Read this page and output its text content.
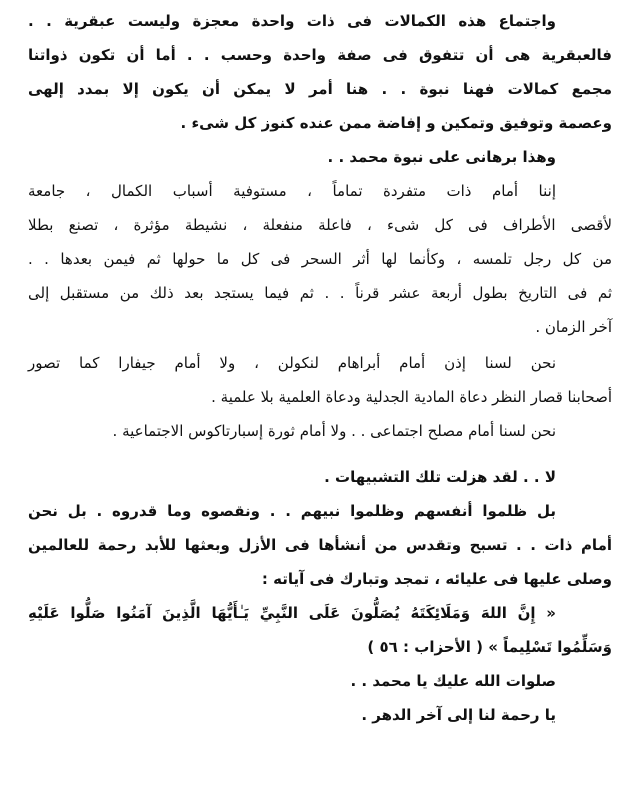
واجتماع هذه الكمالات فى ذات واحدة معجزة وليست عبقرية . .
فالعبقرية هى أن تتفوق فى صفة واحدة وحسب . . أما أن تكون ذواتنا
مجمع كمالات فهنا نبوة . . هنا أمر لا يمكن أن يكون إلا بمدد إلهى
وعصمة وتوفيق وتمكين و إفاضة ممن عنده كنوز كل شىء .
وهذا برهانى على نبوة محمد . .
إننا أمام ذات متفردة تماماً ، مستوفية أسباب الكمال ، جامعة
لأقصى الأطراف فى كل شىء ، فاعلة منفعلة ، نشيطة مؤثرة ، تصنع بطلا
من كل رجل تلمسه ، وكأنما لها أثر السحر فى كل ما حولها ثم فيمن بعدها . .
ثم فى التاريخ بطول أربعة عشر قرناً . . ثم فيما يستجد بعد ذلك من مستقبل إلى
آخر الزمان .
نحن لسنا إذن أمام أبراهام لنكولن ، ولا أمام جيفارا كما تصور
أصحابنا قصار النظر دعاة المادية الجدلية ودعاة العلمية بلا علمية .
نحن لسنا أمام مصلح اجتماعى . . ولا أمام ثورة إسبارتاكوس الاجتماعية .
لا . . لقد هزلت تلك التشبيهات .
بل ظلموا أنفسهم وظلموا نبيهم . . ونقصوه وما قدروه . بل نحن
أمام ذات . . تسبح وتقدس من أنشأها فى الأزل وبعثها للأبد رحمة للعالمين
وصلى عليها فى عليائه ، تمجد وتبارك فى آياته :
« إِنَّ اللهَ وَمَلَائِكَتَهُ يُصَلُّونَ عَلَى النَّبِيِّ يَـٰأَيُّهَا الَّذِينَ آمَنُوا صَلُّوا عَلَيْهِ
وَسَلِّمُوا تَسْلِيماً » ( الأحزاب : ٥٦ )
صلوات الله عليك يا محمد . .
يا رحمة لنا إلى آخر الدهر .
